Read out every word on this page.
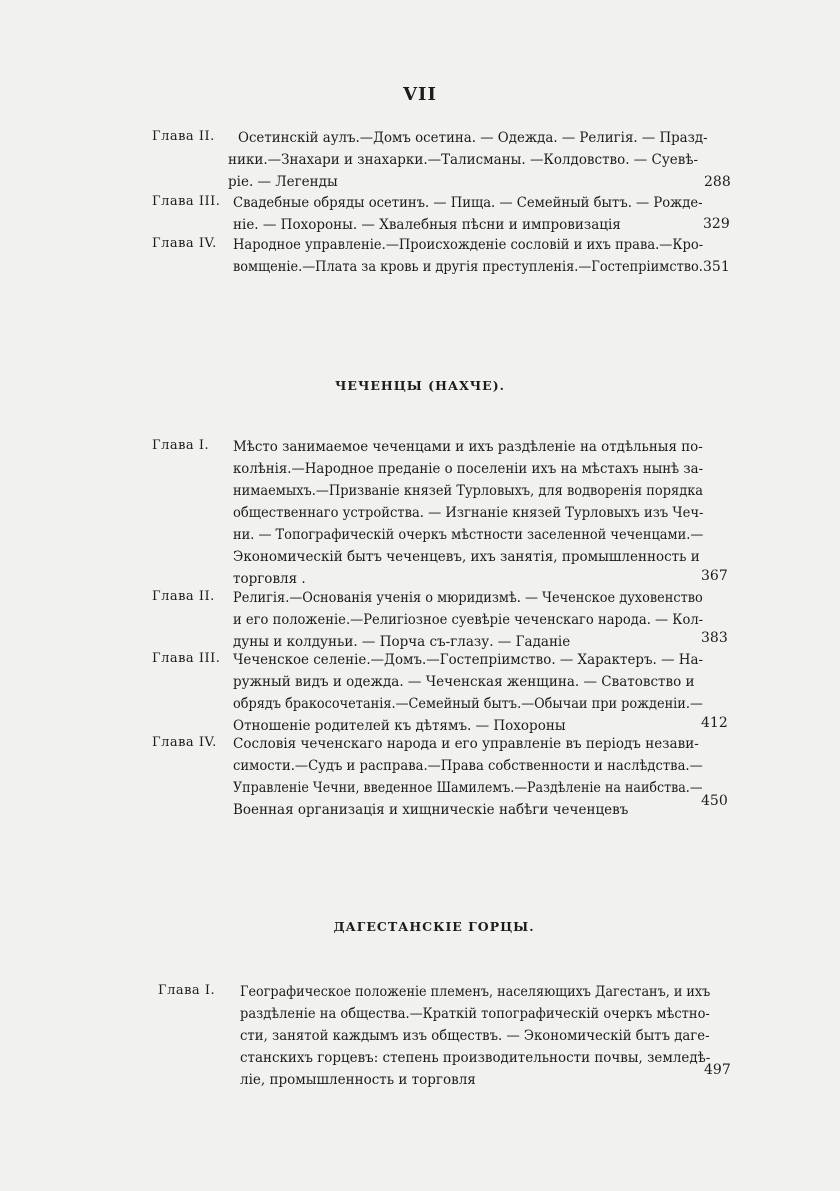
VII
Глава II. Осетинскій аулъ.—Домъ осетина. — Одежда. — Религія. — Празд-
ники.—Знахари и знахарки.—Талисманы. —Колдовство. — Суевѣ-
ріе. — Легенды	288
Глава III. Свадебные обряды осетинъ. — Пища. — Семейный бытъ. — Рожде-
ніе. — Похороны. — Хвалебныя пѣсни и импровизація	329
Глава IV. Народное управленіе.—Происхожденіе сословій и ихъ права.—Кро-
вомщеніе.—Плата за кровь и другія преступленія.—Гостепріимство. 351
ЧЕЧЕНЦЫ (НАХЧЕ).
Глава I. Мѣсто занимаемое чеченцами и ихъ раздѣленіе на отдѣльныя по-
колѣнія.—Народное преданіе о поселеніи ихъ на мѣстахъ нынѣ за-
нимаемыхъ.—Призваніе князей Турловыхъ, для водворенія порядка
общественнаго устройства. — Изгнаніе князей Турловыхъ изъ Чеч-
ни. — Топографическій очеркъ мѣстности заселенной чеченцами.—
Экономическій бытъ чеченцевъ, ихъ занятія, промышленность и
торговля .	367
Глава II. Религія.—Основанія ученія о мюридизмѣ. — Чеченское духовенство
и его положеніе.—Религіозное суевѣріе чеченскаго народа. — Кол-
дуны и колдуньи. — Порча съ-глазу. — Гаданіе	383
Глава III. Чеченское селеніе.—Домъ.—Гостепріимство. — Характеръ. — На-
ружный видъ и одежда. — Чеченская женщина. — Сватовство и
обрядъ бракосочетанія.—Семейный бытъ.—Обычаи при рожденіи.—
Отношеніе родителей къ дѣтямъ. — Похороны	412
Глава IV. Сословія чеченскаго народа и его управленіе въ періодъ незави-
симости.—Судъ и расправа.—Права собственности и наслѣдства.—
Управленіе Чечни, введенное Шамилемъ.—Раздѣленіе на наибства.—
Военная организація и хищническіе набѣги чеченцевъ
450
ДАГЕСТАНСКІЕ ГОРЦЫ.
Глава I. Географическое положеніе племенъ, населяющихъ Дагестанъ, и ихъ
раздѣленіе на общества.—Краткій топографическій очеркъ мѣстно-
сти, занятой каждымъ изъ обществъ. — Экономическій бытъ даге-
станскихъ горцевъ: степень производительности почвы, земледѣ-
ліе, промышленность и торговля
497
